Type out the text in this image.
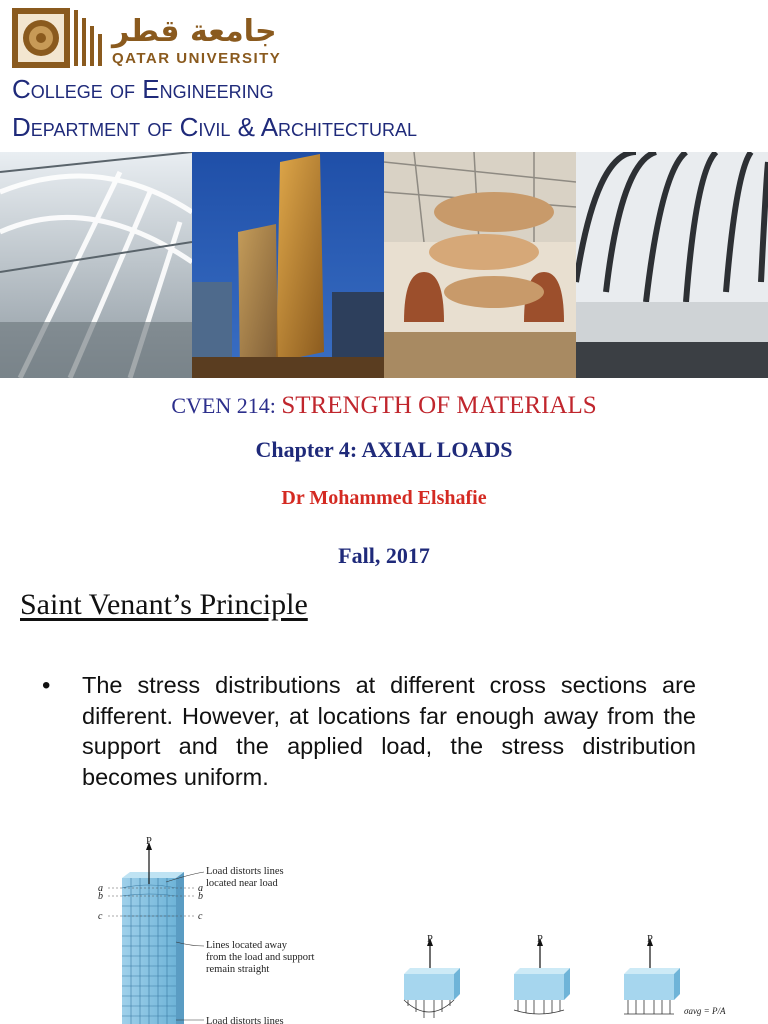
جامعة قطر
QATAR UNIVERSITY
College of Engineering
Department of Civil & Architectural
CVEN 214: STRENGTH OF MATERIALS
Chapter 4: AXIAL LOADS
Dr Mohammed Elshafie
Fall, 2017
Saint Venant’s Principle
• The stress distributions at different cross sections are different. However, at locations far enough away from the support and the applied load, the stress distribution becomes uniform.
P
a
b
c
a
b
c
Load distorts lines
located near load
Lines located away
from the load and support
remain straight
Load distorts lines
P	P	P
σavg = P/A
